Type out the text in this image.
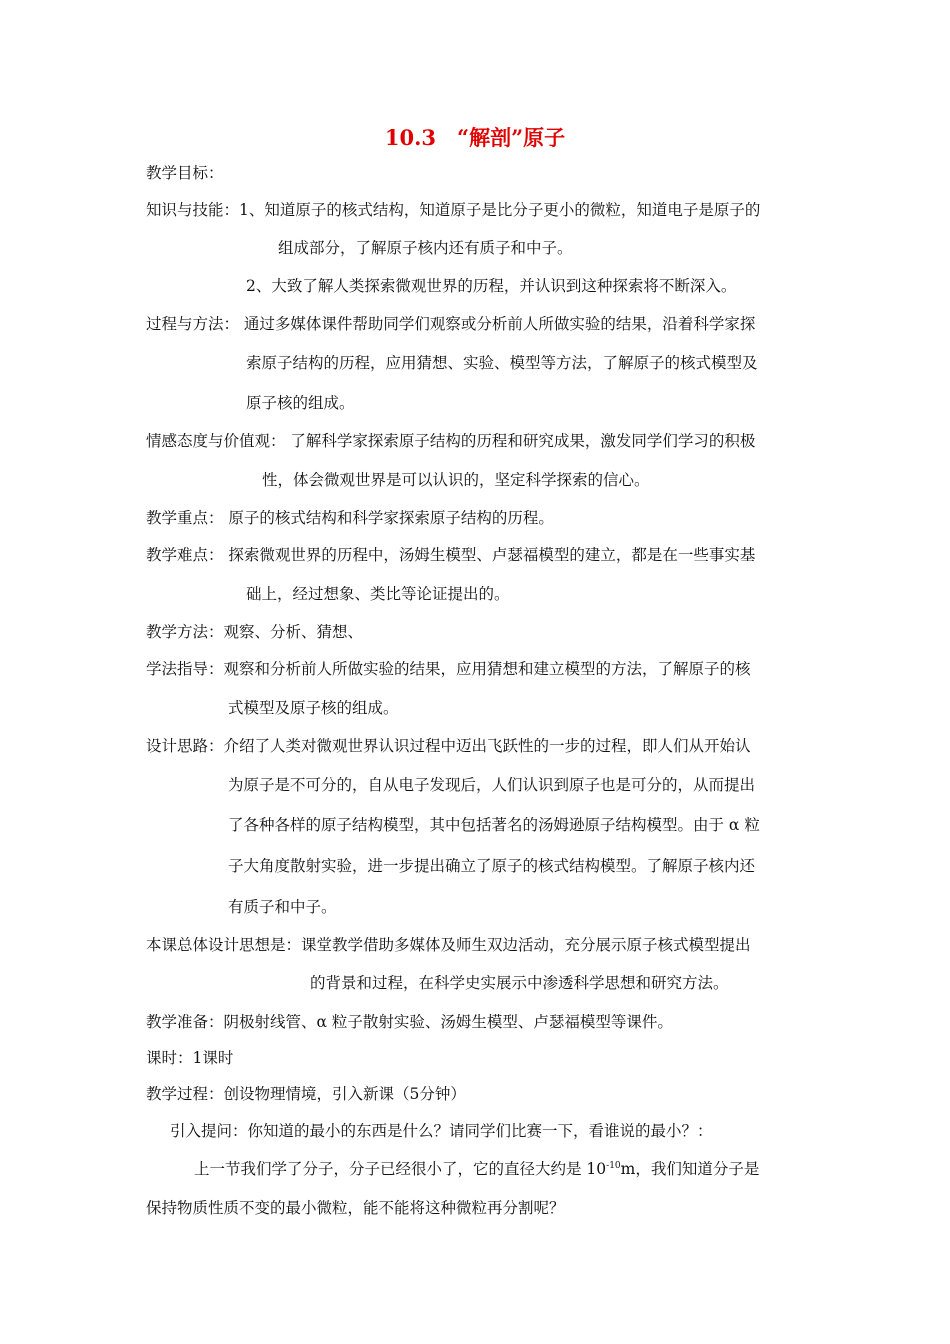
10.3　“解剖”原子
教学目标：
知识与技能：1、知道原子的核式结构，知道原子是比分子更小的微粒，知道电子是原子的
组成部分，了解原子核内还有质子和中子。
2、大致了解人类探索微观世界的历程，并认识到这种探索将不断深入。
过程与方法： 通过多媒体课件帮助同学们观察或分析前人所做实验的结果，沿着科学家探
索原子结构的历程，应用猜想、实验、模型等方法，了解原子的核式模型及
原子核的组成。
情感态度与价值观： 了解科学家探索原子结构的历程和研究成果，激发同学们学习的积极
性，体会微观世界是可以认识的，坚定科学探索的信心。
教学重点： 原子的核式结构和科学家探索原子结构的历程。
教学难点： 探索微观世界的历程中，汤姆生模型、卢瑟福模型的建立，都是在一些事实基
础上，经过想象、类比等论证提出的。
教学方法：观察、分析、猜想、
学法指导：观察和分析前人所做实验的结果，应用猜想和建立模型的方法，了解原子的核
式模型及原子核的组成。
设计思路：介绍了人类对微观世界认识过程中迈出飞跃性的一步的过程，即人们从开始认
为原子是不可分的，自从电子发现后，人们认识到原子也是可分的，从而提出
了各种各样的原子结构模型，其中包括著名的汤姆逊原子结构模型。由于 α 粒
子大角度散射实验，进一步提出确立了原子的核式结构模型。了解原子核内还
有质子和中子。
本课总体设计思想是：课堂教学借助多媒体及师生双边活动，充分展示原子核式模型提出
的背景和过程，在科学史实展示中渗透科学思想和研究方法。
教学准备：阴极射线管、α 粒子散射实验、汤姆生模型、卢瑟福模型等课件。
课时：1课时
教学过程：创设物理情境，引入新课（5分钟）
引入提问：你知道的最小的东西是什么？请同学们比赛一下，看谁说的最小？：
上一节我们学了分子，分子已经很小了，它的直径大约是 $10^{-10}m$，我们知道分子是
保持物质性质不变的最小微粒，能不能将这种微粒再分割呢？
